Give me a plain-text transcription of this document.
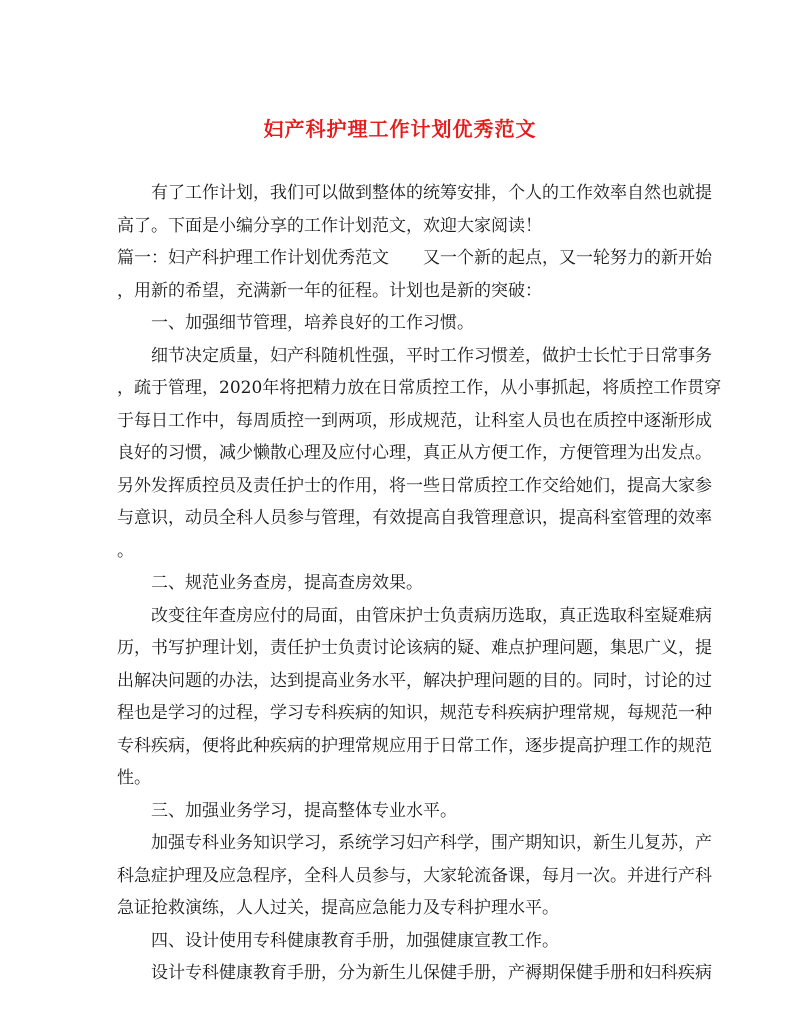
妇产科护理工作计划优秀范文
有了工作计划，我们可以做到整体的统筹安排，个人的工作效率自然也就提
高了。下面是小编分享的工作计划范文，欢迎大家阅读！
篇一：妇产科护理工作计划优秀范文 又一个新的起点，又一轮努力的新开始
，用新的希望，充满新一年的征程。计划也是新的突破：
一、加强细节管理，培养良好的工作习惯。
细节决定质量，妇产科随机性强，平时工作习惯差，做护士长忙于日常事务
，疏于管理，2020年将把精力放在日常质控工作，从小事抓起，将质控工作贯穿
于每日工作中，每周质控一到两项，形成规范，让科室人员也在质控中逐渐形成
良好的习惯，减少懒散心理及应付心理，真正从方便工作，方便管理为出发点。
另外发挥质控员及责任护士的作用，将一些日常质控工作交给她们，提高大家参
与意识，动员全科人员参与管理，有效提高自我管理意识，提高科室管理的效率
。
二、规范业务查房，提高查房效果。
改变往年查房应付的局面，由管床护士负责病历选取，真正选取科室疑难病
历，书写护理计划，责任护士负责讨论该病的疑、难点护理问题，集思广义，提
出解决问题的办法，达到提高业务水平，解决护理问题的目的。同时，讨论的过
程也是学习的过程，学习专科疾病的知识，规范专科疾病护理常规，每规范一种
专科疾病，便将此种疾病的护理常规应用于日常工作，逐步提高护理工作的规范
性。
三、加强业务学习，提高整体专业水平。
加强专科业务知识学习，系统学习妇产科学，围产期知识，新生儿复苏，产
科急症护理及应急程序，全科人员参与，大家轮流备课，每月一次。并进行产科
急证抢救演练，人人过关，提高应急能力及专科护理水平。
四、设计使用专科健康教育手册，加强健康宣教工作。
设计专科健康教育手册，分为新生儿保健手册，产褥期保健手册和妇科疾病
